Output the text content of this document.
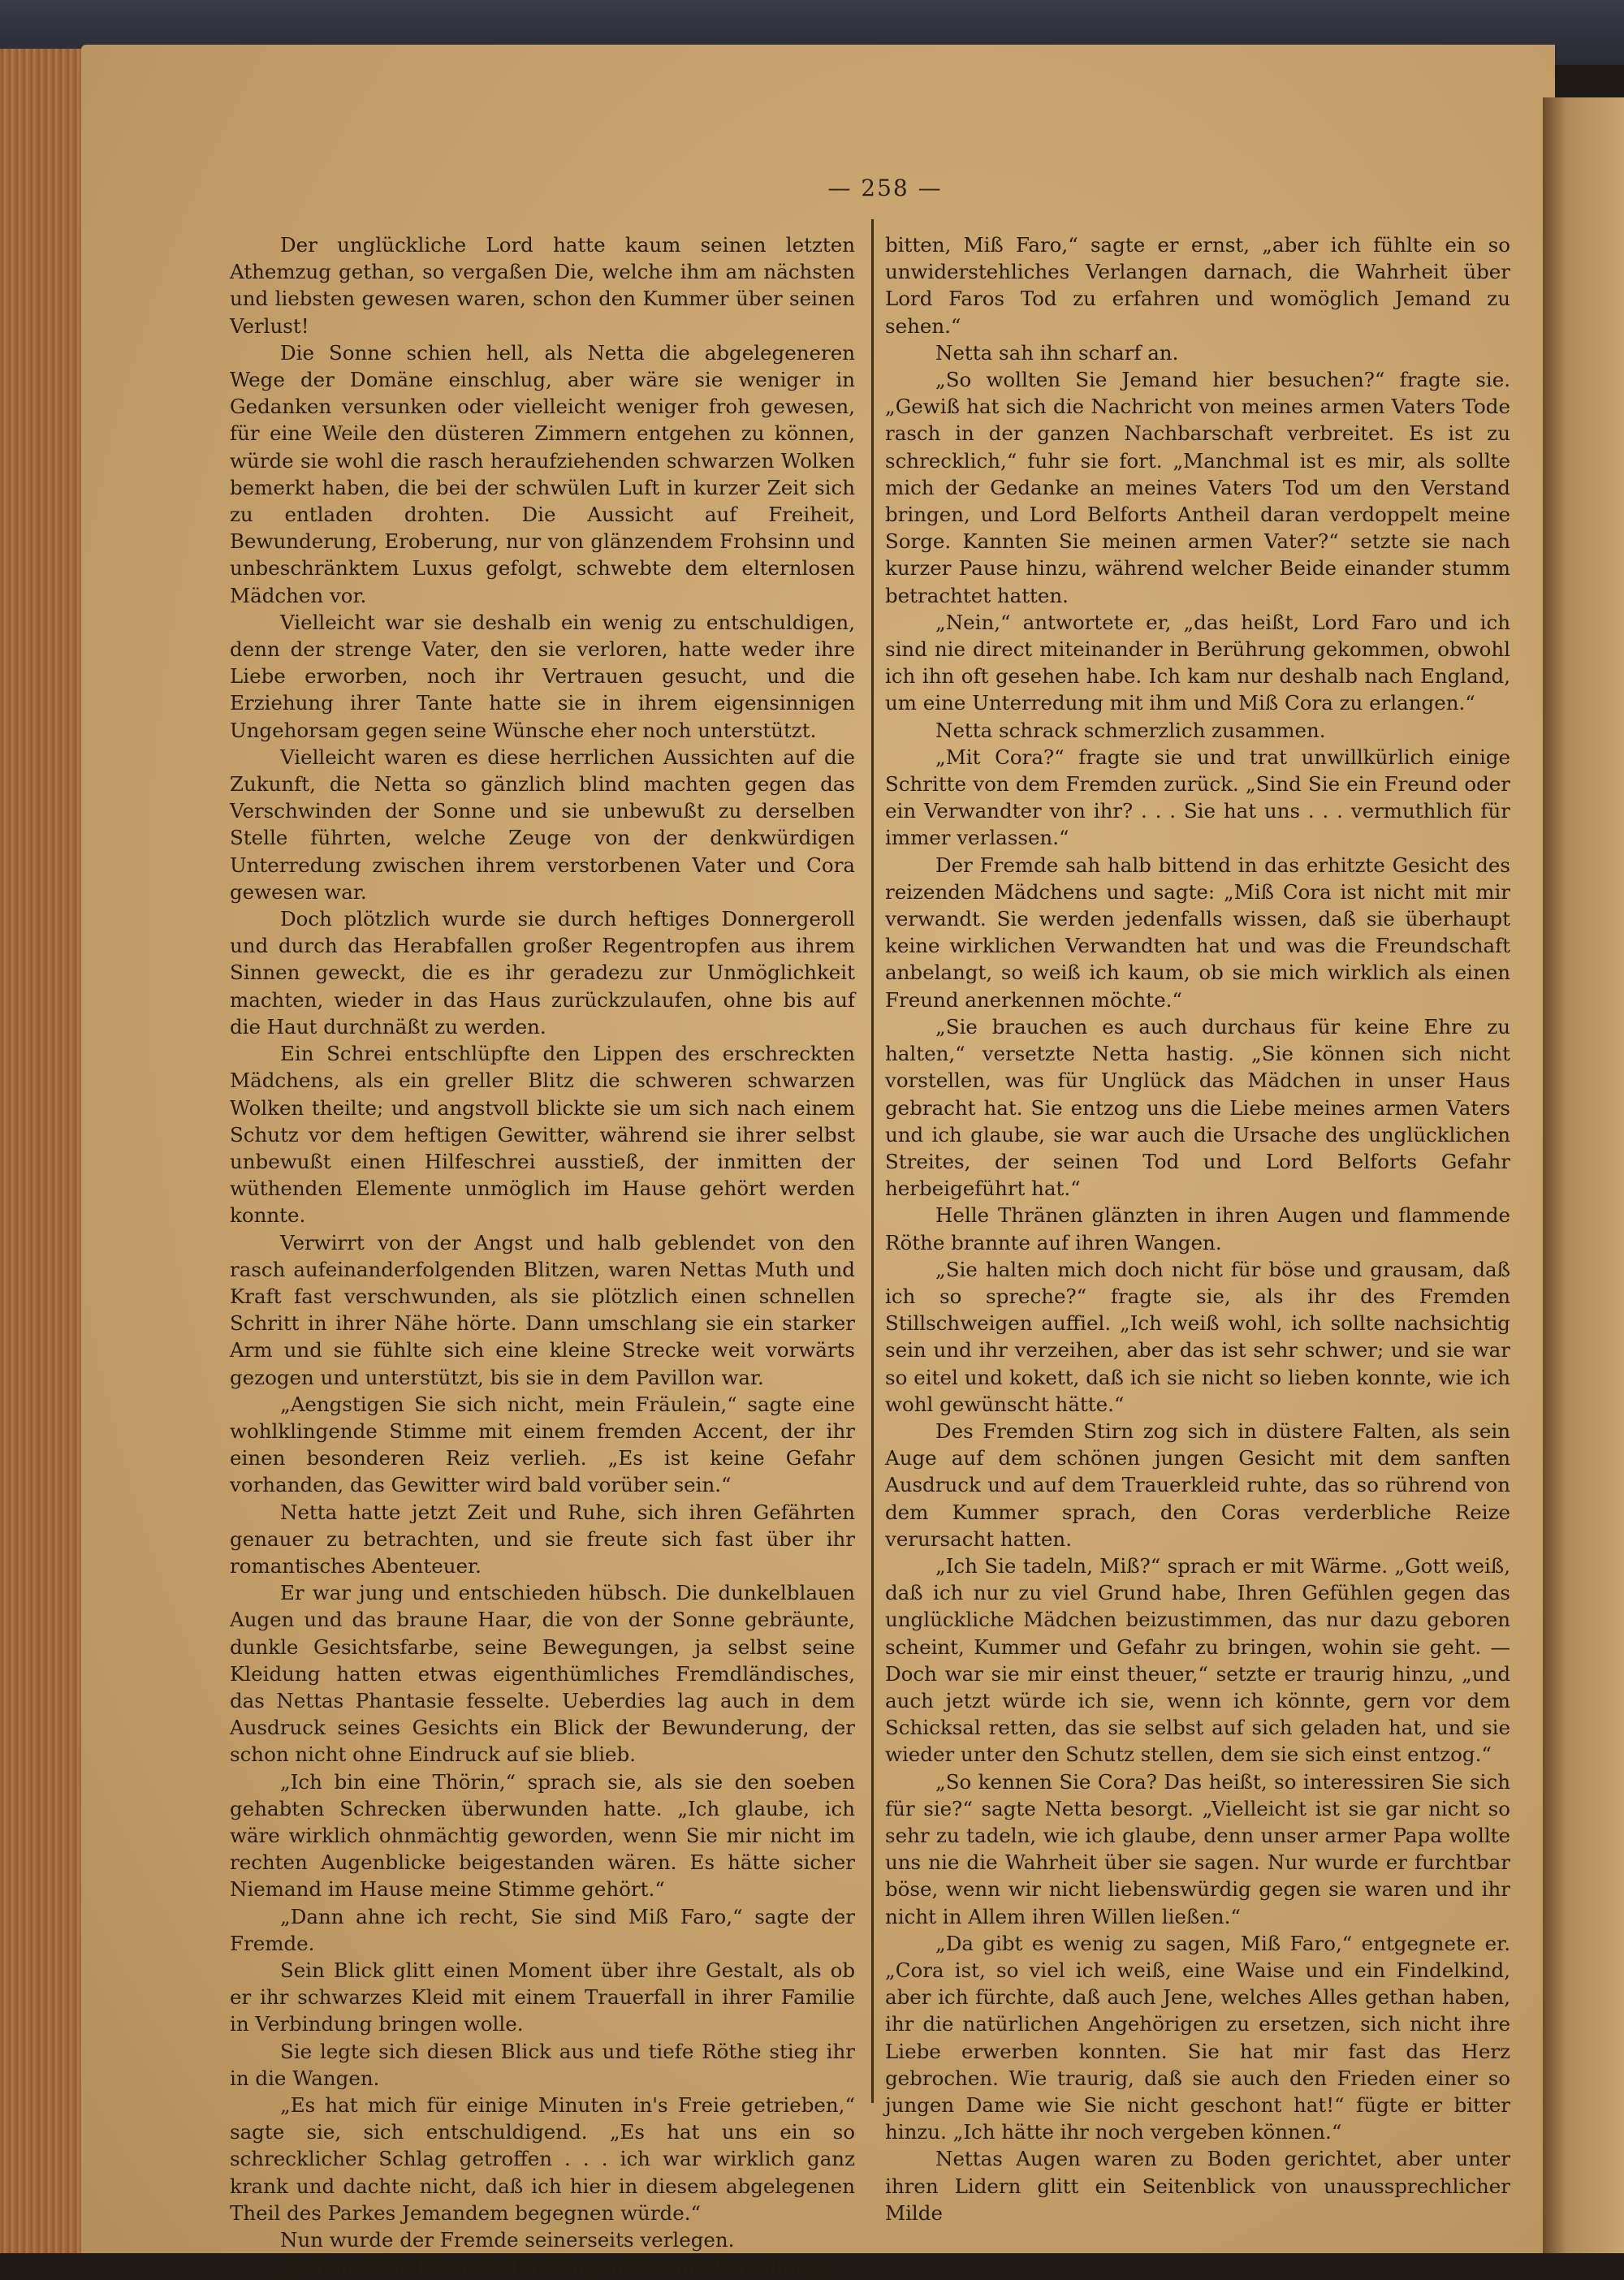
— 258 —

Der unglückliche Lord hatte kaum seinen letzten Athemzug gethan, so vergaßen Die, welche ihm am nächsten und liebsten gewesen waren, schon den Kummer über seinen Verlust!

Die Sonne schien hell, als Netta die abgelegeneren Wege der Domäne einschlug, aber wäre sie weniger in Gedanken versunken oder vielleicht weniger froh gewesen, für eine Weile den düsteren Zimmern entgehen zu können, würde sie wohl die rasch heraufziehenden schwarzen Wolken bemerkt haben, die bei der schwülen Luft in kurzer Zeit sich zu entladen drohten. Die Aussicht auf Freiheit, Bewunderung, Eroberung, nur von glänzendem Frohsinn und unbeschränktem Luxus gefolgt, schwebte dem elternlosen Mädchen vor.

Vielleicht war sie deshalb ein wenig zu entschuldigen, denn der strenge Vater, den sie verloren, hatte weder ihre Liebe erworben, noch ihr Vertrauen gesucht, und die Erziehung ihrer Tante hatte sie in ihrem eigensinnigen Ungehorsam gegen seine Wünsche eher noch unterstützt.

Vielleicht waren es diese herrlichen Aussichten auf die Zukunft, die Netta so gänzlich blind machten gegen das Verschwinden der Sonne und sie unbewußt zu derselben Stelle führten, welche Zeuge von der denkwürdigen Unterredung zwischen ihrem verstorbenen Vater und Cora gewesen war.

Doch plötzlich wurde sie durch heftiges Donnergeroll und durch das Herabfallen großer Regentropfen aus ihrem Sinnen geweckt, die es ihr geradezu zur Unmöglichkeit machten, wieder in das Haus zurückzulaufen, ohne bis auf die Haut durchnäßt zu werden.

Ein Schrei entschlüpfte den Lippen des erschreckten Mädchens, als ein greller Blitz die schweren schwarzen Wolken theilte; und angstvoll blickte sie um sich nach einem Schutz vor dem heftigen Gewitter, während sie ihrer selbst unbewußt einen Hilfeschrei ausstieß, der inmitten der wüthenden Elemente unmöglich im Hause gehört werden konnte.

Verwirrt von der Angst und halb geblendet von den rasch aufeinanderfolgenden Blitzen, waren Nettas Muth und Kraft fast verschwunden, als sie plötzlich einen schnellen Schritt in ihrer Nähe hörte. Dann umschlang sie ein starker Arm und sie fühlte sich eine kleine Strecke weit vorwärts gezogen und unterstützt, bis sie in dem Pavillon war.

„Aengstigen Sie sich nicht, mein Fräulein,“ sagte eine wohlklingende Stimme mit einem fremden Accent, der ihr einen besonderen Reiz verlieh. „Es ist keine Gefahr vorhanden, das Gewitter wird bald vorüber sein.“

Netta hatte jetzt Zeit und Ruhe, sich ihren Gefährten genauer zu betrachten, und sie freute sich fast über ihr romantisches Abenteuer.

Er war jung und entschieden hübsch. Die dunkelblauen Augen und das braune Haar, die von der Sonne gebräunte, dunkle Gesichtsfarbe, seine Bewegungen, ja selbst seine Kleidung hatten etwas eigenthümliches Fremdländisches, das Nettas Phantasie fesselte. Ueberdies lag auch in dem Ausdruck seines Gesichts ein Blick der Bewunderung, der schon nicht ohne Eindruck auf sie blieb.

„Ich bin eine Thörin,“ sprach sie, als sie den soeben gehabten Schrecken überwunden hatte. „Ich glaube, ich wäre wirklich ohnmächtig geworden, wenn Sie mir nicht im rechten Augenblicke beigestanden wären. Es hätte sicher Niemand im Hause meine Stimme gehört.“

„Dann ahne ich recht, Sie sind Miß Faro,“ sagte der Fremde.

Sein Blick glitt einen Moment über ihre Gestalt, als ob er ihr schwarzes Kleid mit einem Trauerfall in ihrer Familie in Verbindung bringen wolle.

Sie legte sich diesen Blick aus und tiefe Röthe stieg ihr in die Wangen.

„Es hat mich für einige Minuten in's Freie getrieben,“ sagte sie, sich entschuldigend. „Es hat uns ein so schrecklicher Schlag getroffen . . . ich war wirklich ganz krank und dachte nicht, daß ich hier in diesem abgelegenen Theil des Parkes Jemandem begegnen würde.“

Nun wurde der Fremde seinerseits verlegen.

„Ich muß Sie für mein Eindringen hier um Verzeihung

bitten, Miß Faro,“ sagte er ernst, „aber ich fühlte ein so unwiderstehliches Verlangen darnach, die Wahrheit über Lord Faros Tod zu erfahren und womöglich Jemand zu sehen.“

Netta sah ihn scharf an.

„So wollten Sie Jemand hier besuchen?“ fragte sie. „Gewiß hat sich die Nachricht von meines armen Vaters Tode rasch in der ganzen Nachbarschaft verbreitet. Es ist zu schrecklich,“ fuhr sie fort. „Manchmal ist es mir, als sollte mich der Gedanke an meines Vaters Tod um den Verstand bringen, und Lord Belforts Antheil daran verdoppelt meine Sorge. Kannten Sie meinen armen Vater?“ setzte sie nach kurzer Pause hinzu, während welcher Beide einander stumm betrachtet hatten.

„Nein,“ antwortete er, „das heißt, Lord Faro und ich sind nie direct miteinander in Berührung gekommen, obwohl ich ihn oft gesehen habe. Ich kam nur deshalb nach England, um eine Unterredung mit ihm und Miß Cora zu erlangen.“

Netta schrack schmerzlich zusammen.

„Mit Cora?“ fragte sie und trat unwillkürlich einige Schritte von dem Fremden zurück. „Sind Sie ein Freund oder ein Verwandter von ihr? . . . Sie hat uns . . . vermuthlich für immer verlassen.“

Der Fremde sah halb bittend in das erhitzte Gesicht des reizenden Mädchens und sagte: „Miß Cora ist nicht mit mir verwandt. Sie werden jedenfalls wissen, daß sie überhaupt keine wirklichen Verwandten hat und was die Freundschaft anbelangt, so weiß ich kaum, ob sie mich wirklich als einen Freund anerkennen möchte.“

„Sie brauchen es auch durchaus für keine Ehre zu halten,“ versetzte Netta hastig. „Sie können sich nicht vorstellen, was für Unglück das Mädchen in unser Haus gebracht hat. Sie entzog uns die Liebe meines armen Vaters und ich glaube, sie war auch die Ursache des unglücklichen Streites, der seinen Tod und Lord Belforts Gefahr herbeigeführt hat.“

Helle Thränen glänzten in ihren Augen und flammende Röthe brannte auf ihren Wangen.

„Sie halten mich doch nicht für böse und grausam, daß ich so spreche?“ fragte sie, als ihr des Fremden Stillschweigen auffiel. „Ich weiß wohl, ich sollte nachsichtig sein und ihr verzeihen, aber das ist sehr schwer; und sie war so eitel und kokett, daß ich sie nicht so lieben konnte, wie ich wohl gewünscht hätte.“

Des Fremden Stirn zog sich in düstere Falten, als sein Auge auf dem schönen jungen Gesicht mit dem sanften Ausdruck und auf dem Trauerkleid ruhte, das so rührend von dem Kummer sprach, den Coras verderbliche Reize verursacht hatten.

„Ich Sie tadeln, Miß?“ sprach er mit Wärme. „Gott weiß, daß ich nur zu viel Grund habe, Ihren Gefühlen gegen das unglückliche Mädchen beizustimmen, das nur dazu geboren scheint, Kummer und Gefahr zu bringen, wohin sie geht. — Doch war sie mir einst theuer,“ setzte er traurig hinzu, „und auch jetzt würde ich sie, wenn ich könnte, gern vor dem Schicksal retten, das sie selbst auf sich geladen hat, und sie wieder unter den Schutz stellen, dem sie sich einst entzog.“

„So kennen Sie Cora? Das heißt, so interessiren Sie sich für sie?“ sagte Netta besorgt. „Vielleicht ist sie gar nicht so sehr zu tadeln, wie ich glaube, denn unser armer Papa wollte uns nie die Wahrheit über sie sagen. Nur wurde er furchtbar böse, wenn wir nicht liebenswürdig gegen sie waren und ihr nicht in Allem ihren Willen ließen.“

„Da gibt es wenig zu sagen, Miß Faro,“ entgegnete er. „Cora ist, so viel ich weiß, eine Waise und ein Findelkind, aber ich fürchte, daß auch Jene, welches Alles gethan haben, ihr die natürlichen Angehörigen zu ersetzen, sich nicht ihre Liebe erwerben konnten. Sie hat mir fast das Herz gebrochen. Wie traurig, daß sie auch den Frieden einer so jungen Dame wie Sie nicht geschont hat!“ fügte er bitter hinzu. „Ich hätte ihr noch vergeben können.“

Nettas Augen waren zu Boden gerichtet, aber unter ihren Lidern glitt ein Seitenblick von unaussprechlicher Milde
